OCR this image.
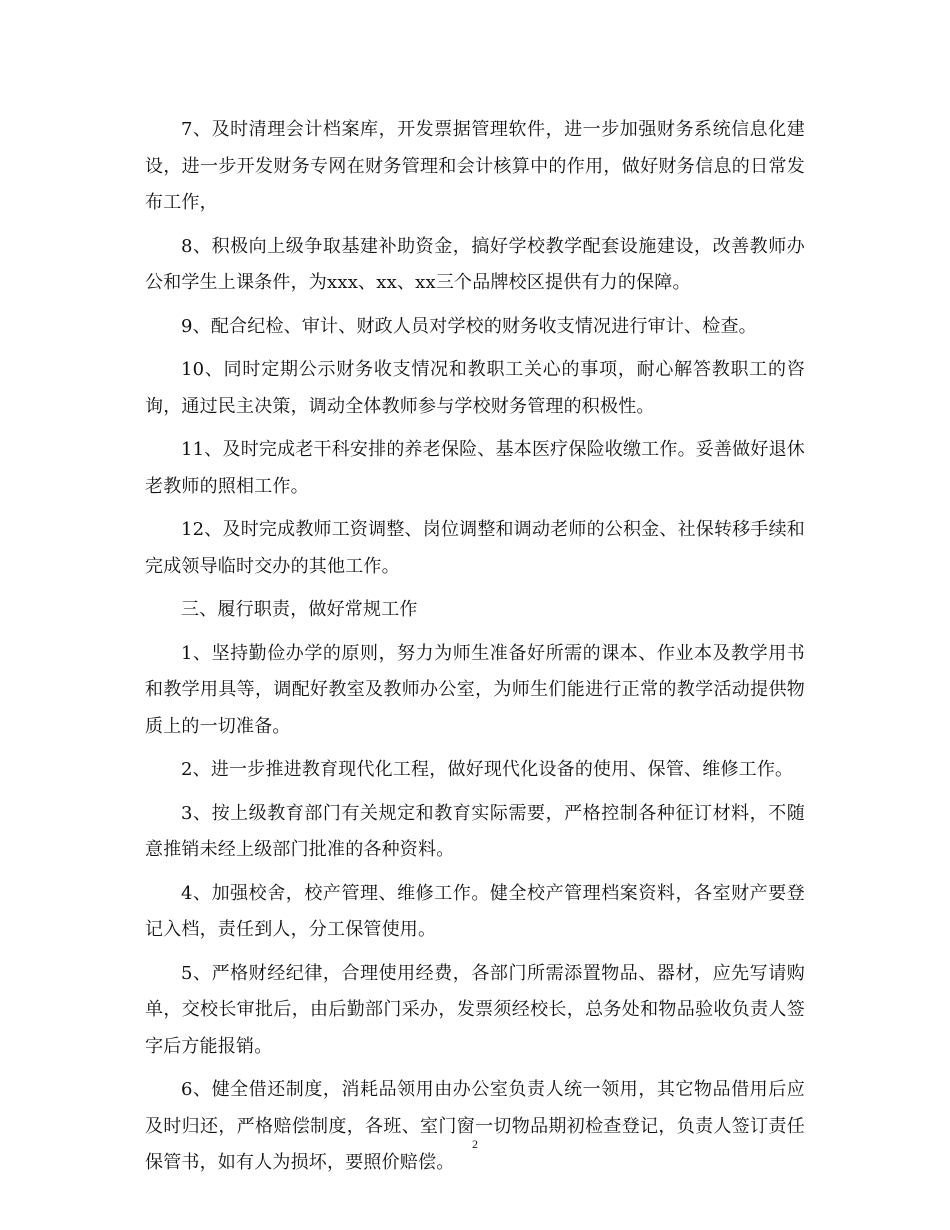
7、及时清理会计档案库，开发票据管理软件，进一步加强财务系统信息化建设，进一步开发财务专网在财务管理和会计核算中的作用，做好财务信息的日常发布工作，

8、积极向上级争取基建补助资金，搞好学校教学配套设施建设，改善教师办公和学生上课条件，为xxx、xx、xx三个品牌校区提供有力的保障。

9、配合纪检、审计、财政人员对学校的财务收支情况进行审计、检查。

10、同时定期公示财务收支情况和教职工关心的事项，耐心解答教职工的咨询，通过民主决策，调动全体教师参与学校财务管理的积极性。

11、及时完成老干科安排的养老保险、基本医疗保险收缴工作。妥善做好退休老教师的照相工作。

12、及时完成教师工资调整、岗位调整和调动老师的公积金、社保转移手续和完成领导临时交办的其他工作。

三、履行职责，做好常规工作

1、坚持勤俭办学的原则，努力为师生准备好所需的课本、作业本及教学用书和教学用具等，调配好教室及教师办公室，为师生们能进行正常的教学活动提供物质上的一切准备。

2、进一步推进教育现代化工程，做好现代化设备的使用、保管、维修工作。

3、按上级教育部门有关规定和教育实际需要，严格控制各种征订材料，不随意推销未经上级部门批准的各种资料。

4、加强校舍，校产管理、维修工作。健全校产管理档案资料，各室财产要登记入档，责任到人，分工保管使用。

5、严格财经纪律，合理使用经费，各部门所需添置物品、器材，应先写请购单，交校长审批后，由后勤部门采办，发票须经校长，总务处和物品验收负责人签字后方能报销。

6、健全借还制度，消耗品领用由办公室负责人统一领用，其它物品借用后应及时归还，严格赔偿制度，各班、室门窗一切物品期初检查登记，负责人签订责任保管书，如有人为损坏，要照价赔偿。

2
